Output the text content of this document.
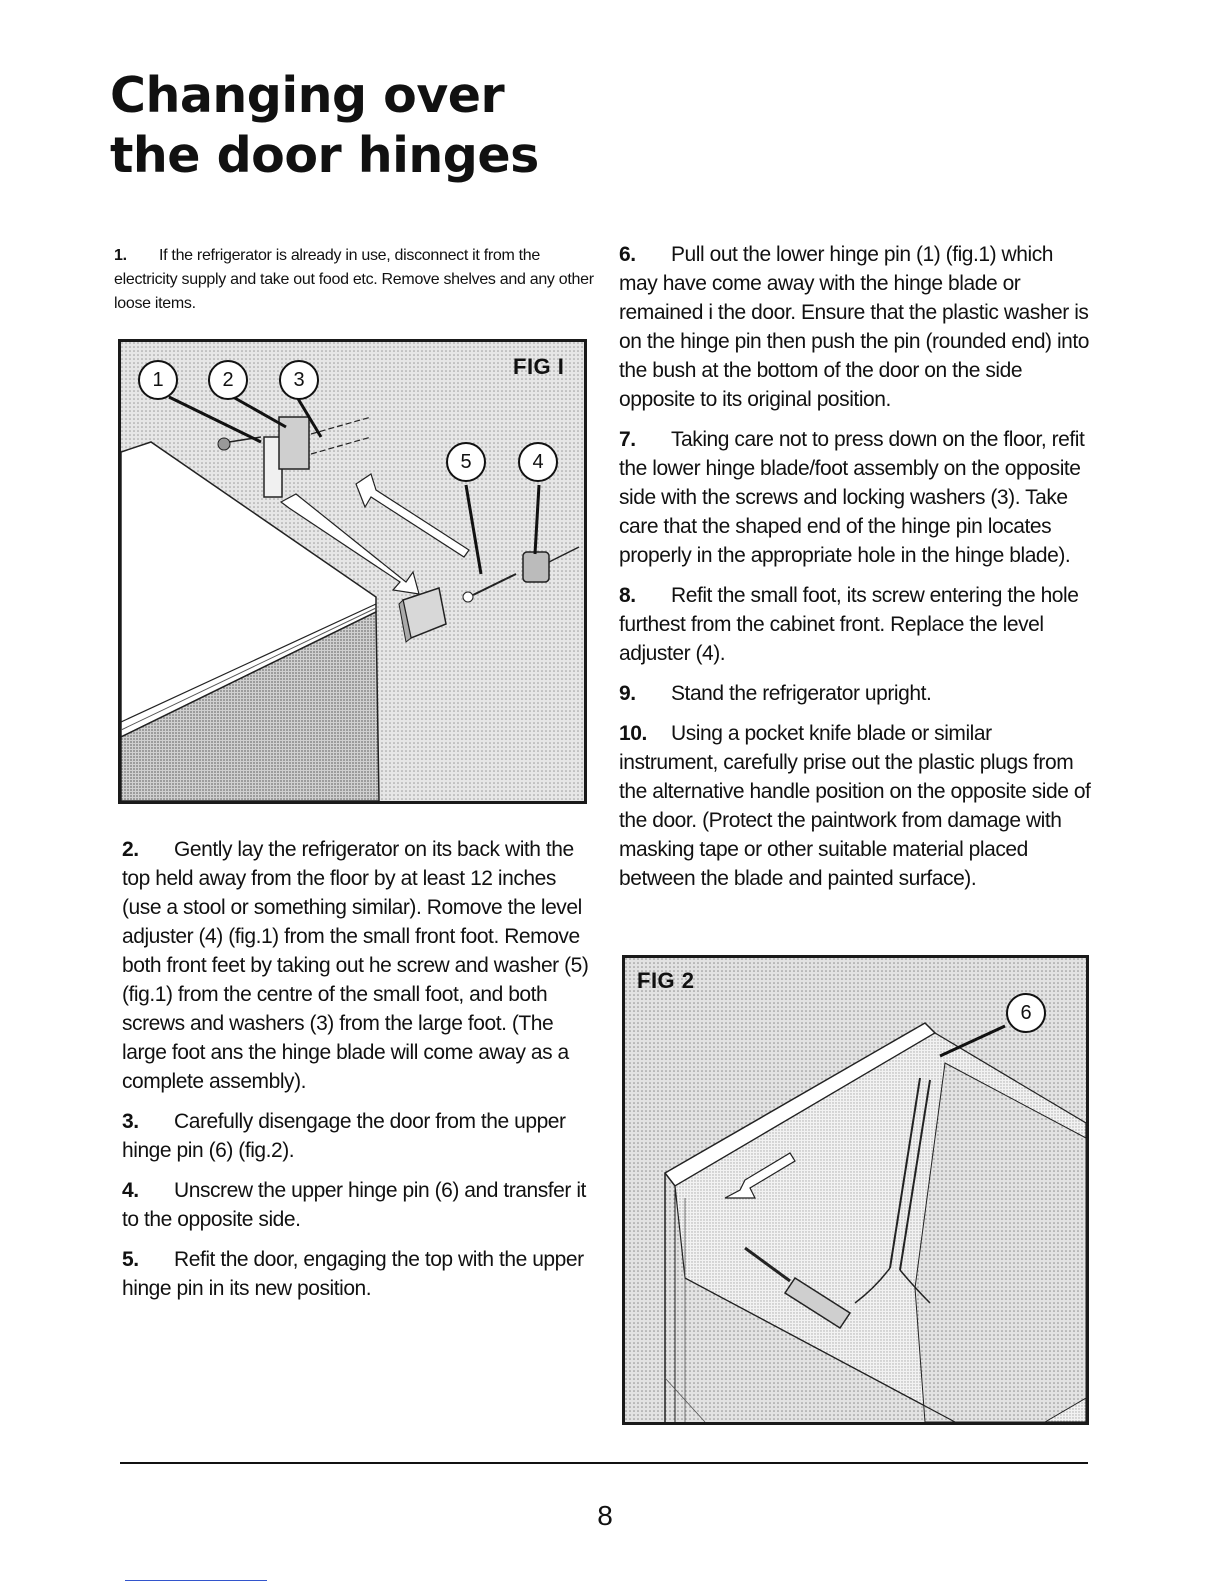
Changing over
the door hinges

1. If the refrigerator is already in use, disconnect it from the electricity supply and take out food etc. Remove shelves and any other loose items.

FIG I
1	2	3
5	4

2. Gently lay the refrigerator on its back with the top held away from the floor by at least 12 inches (use a stool or something similar). Romove the level adjuster (4) (fig.1) from the small front foot. Remove both front feet by taking out he screw and washer (5) (fig.1) from the centre of the small foot, and both screws and washers (3) from the large foot. (The large foot ans the hinge blade will come away as a complete assembly).

3. Carefully disengage the door from the upper hinge pin (6) (fig.2).

4. Unscrew the upper hinge pin (6) and transfer it to the opposite side.

5. Refit the door, engaging the top with the upper hinge pin in its new position.

6. Pull out the lower hinge pin (1) (fig.1) which may have come away with the hinge blade or remained i the door. Ensure that the plastic washer is on the hinge pin then push the pin (rounded end) into the bush at the bottom of the door on the side opposite to its original position.

7. Taking care not to press down on the floor, refit the lower hinge blade/foot assembly on the opposite side with the screws and locking washers (3). Take care that the shaped end of the hinge pin locates properly in the appropriate hole in the hinge blade).

8. Refit the small foot, its screw entering the hole furthest from the cabinet front. Replace the level adjuster (4).

9. Stand the refrigerator upright.

10. Using a pocket knife blade or similar instrument, carefully prise out the plastic plugs from the alternative handle position on the opposite side of the door. (Protect the paintwork from damage with masking tape or other suitable material placed between the blade and painted surface).

FIG 2
6
8
